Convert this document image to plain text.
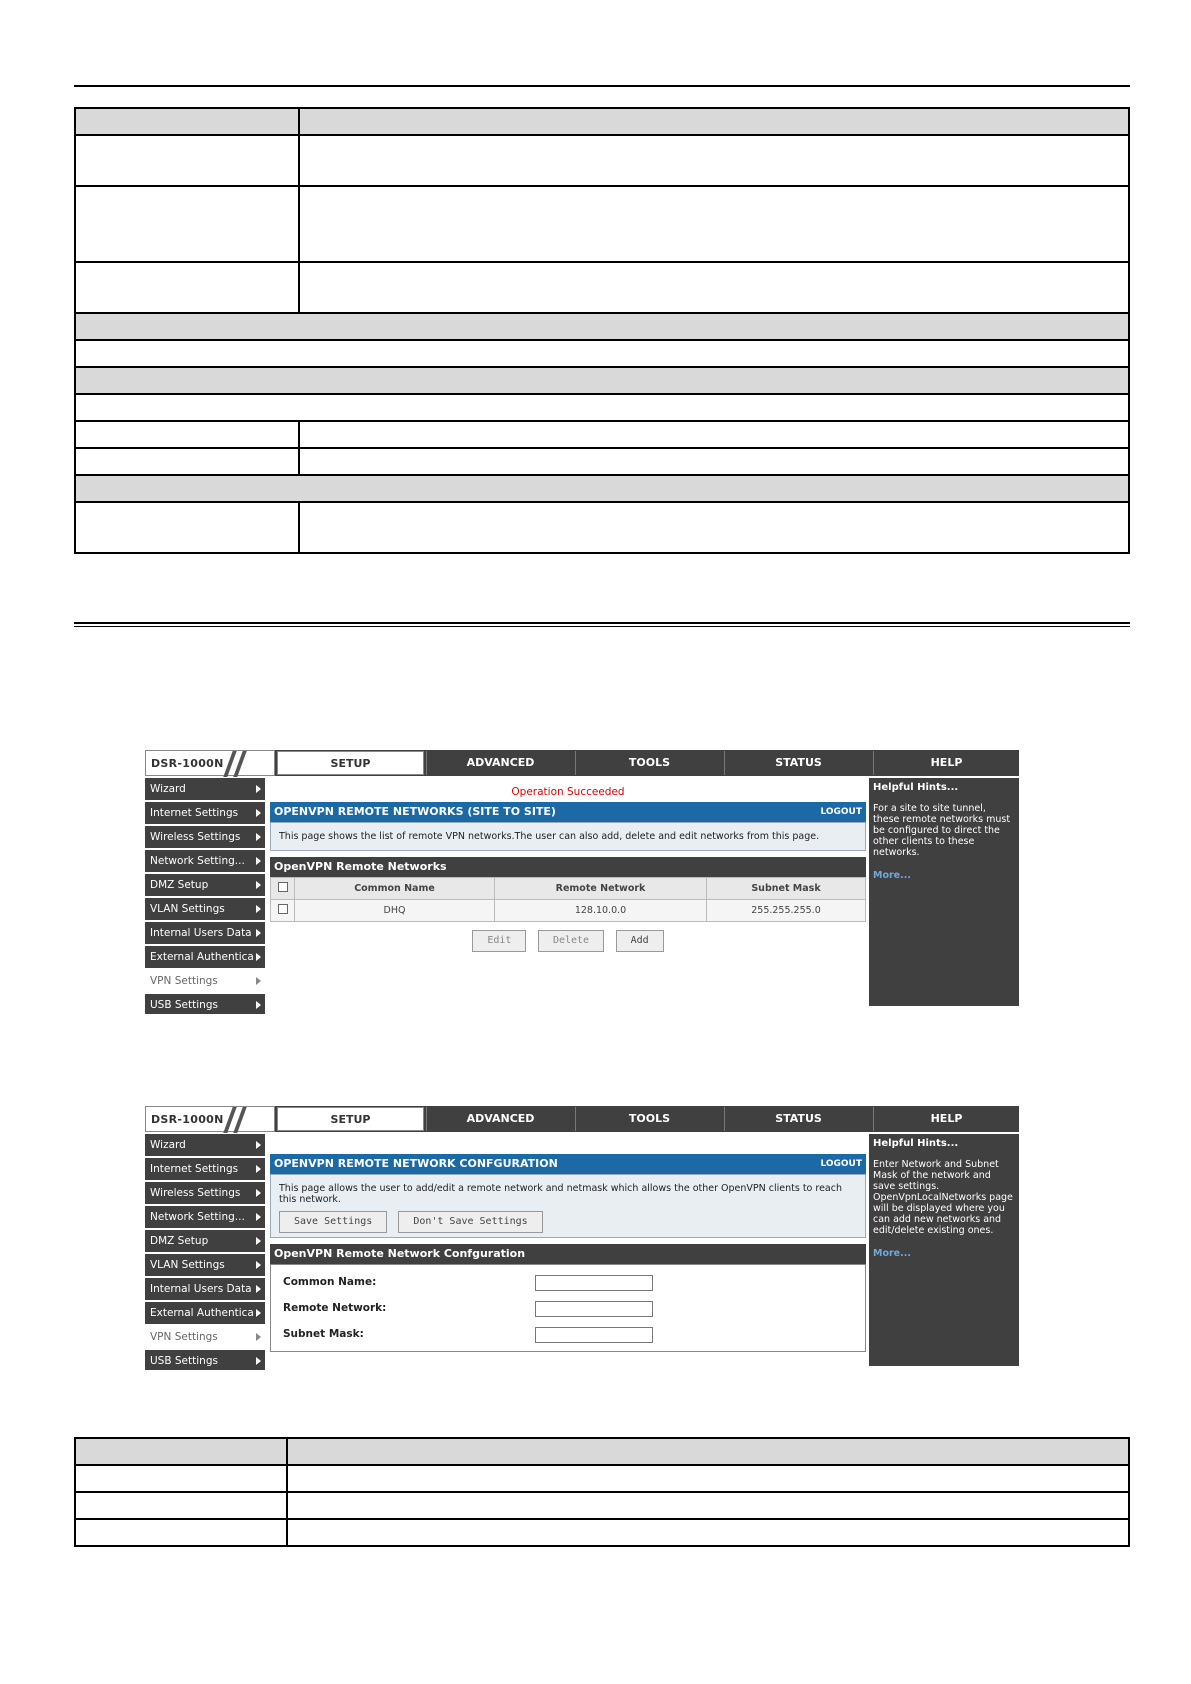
DSR-1000N	SETUP	ADVANCED	TOOLS	STATUS	HELP
Wizard
Internet Settings
Wireless Settings
Network Setting...
DMZ Setup
VLAN Settings
Internal Users Data
External Authentica
VPN Settings
USB Settings
Operation Succeeded
OPENVPN REMOTE NETWORKS (SITE TO SITE)	LOGOUT
This page shows the list of remote VPN networks.The user can also add, delete and edit networks from this page.
OpenVPN Remote Networks
	Common Name	Remote Network	Subnet Mask
	DHQ	128.10.0.0	255.255.255.0
Edit	Delete	Add
Helpful Hints...
For a site to site tunnel, these remote networks must be configured to direct the other clients to these networks.
More...
DSR-1000N	SETUP	ADVANCED	TOOLS	STATUS	HELP
Wizard
Internet Settings
Wireless Settings
Network Setting...
DMZ Setup
VLAN Settings
Internal Users Data
External Authentica
VPN Settings
USB Settings
OPENVPN REMOTE NETWORK CONFGURATION	LOGOUT
This page allows the user to add/edit a remote network and netmask which allows the other OpenVPN clients to reach this network.
Save Settings	Don't Save Settings
OpenVPN Remote Network Confguration
Common Name:
Remote Network:
Subnet Mask:
Helpful Hints...
Enter Network and Subnet Mask of the network and save settings. OpenVpnLocalNetworks page will be displayed where you can add new networks and edit/delete existing ones.
More...
